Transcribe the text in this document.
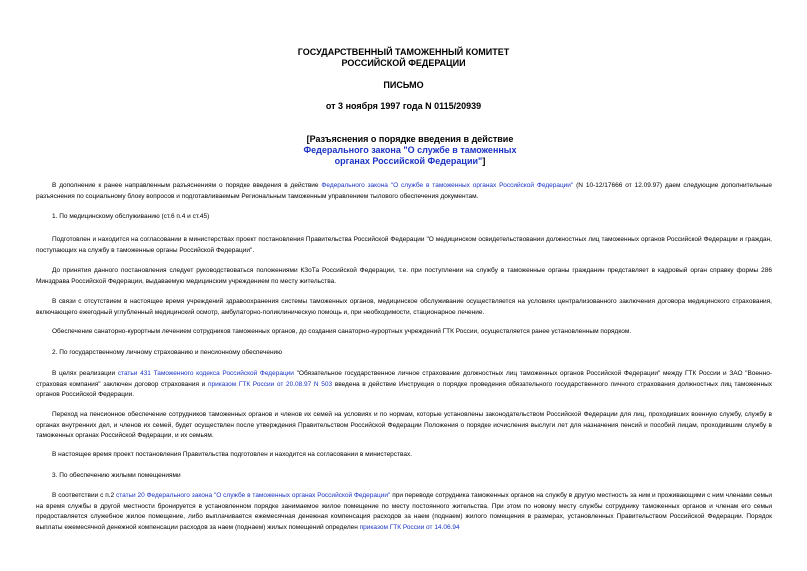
ГОСУДАРСТВЕННЫЙ ТАМОЖЕННЫЙ КОМИТЕТ
РОССИЙСКОЙ ФЕДЕРАЦИИ
ПИСЬМО
от 3 ноября 1997 года N 0115/20939
[Разъяснения о порядке введения в действие
Федерального закона "О службе в таможенных
органах Российской Федерации"]
В дополнение к ранее направленным разъяснениям о порядке введения в действие Федерального закона "О службе в таможенных органах Российской Федерации" (N 10-12/17666 от 12.09.97) даем следующие дополнительные разъяснения по социальному блоку вопросов и подготавливаемым Региональным таможенным управлением тылового обеспечения документам.
1. По медицинскому обслуживанию (ст.6 п.4 и ст.45)
Подготовлен и находится на согласовании в министерствах проект постановления Правительства Российской Федерации "О медицинском освидетельствовании должностных лиц таможенных органов Российской Федерации и граждан, поступающих на службу в таможенные органы Российской Федерации".
До принятия данного постановления следует руководствоваться положениями КЗоТа Российской Федерации, т.е. при поступлении на службу в таможенные органы гражданин представляет в кадровый орган справку формы 286 Минздрава Российской Федерации, выдаваемую медицинским учреждением по месту жительства.
В связи с отсутствием в настоящее время учреждений здравоохранения системы таможенных органов, медицинское обслуживание осуществляется на условиях централизованного заключения договора медицинского страхования, включающего ежегодный углубленный медицинский осмотр, амбулаторно-поликлиническую помощь и, при необходимости, стационарное лечение.
Обеспечение санаторно-курортным лечением сотрудников таможенных органов, до создания санаторно-курортных учреждений ГТК России, осуществляется ранее установленным порядком.
2. По государственному личному страхованию и пенсионному обеспечению
В целях реализации статьи 431 Таможенного кодекса Российской Федерации "Обязательное государственное личное страхование должностных лиц таможенных органов Российской Федерации" между ГТК России и ЗАО "Военно-страховая компания" заключен договор страхования и приказом ГТК России от 20.08.97 N 503 введена в действие Инструкция о порядке проведения обязательного государственного личного страхования должностных лиц таможенных органов Российской Федерации.
Переход на пенсионное обеспечение сотрудников таможенных органов и членов их семей на условиях и по нормам, которые установлены законодательством Российской Федерации для лиц, проходивших военную службу, службу в органах внутренних дел, и членов их семей, будет осуществлен после утверждения Правительством Российской Федерации Положения о порядке исчисления выслуги лет для назначения пенсий и пособий лицам, проходившим службу в таможенных органах Российской Федерации, и их семьям.
В настоящее время проект постановления Правительства подготовлен и находится на согласовании в министерствах.
3. По обеспечению жилыми помещениями
В соответствии с п.2 статьи 20 Федерального закона "О службе в таможенных органах Российской Федерации" при переводе сотрудника таможенных органов на службу в другую местность за ним и проживающими с ним членами семьи на время службы в другой местности бронируется в установленном порядке занимаемое жилое помещение по месту постоянного жительства. При этом по новому месту службы сотруднику таможенных органов и членам его семьи предоставляется служебное жилое помещение, либо выплачивается ежемесячная денежная компенсация расходов за наем (поднаем) жилого помещения в размерах, установленных Правительством Российской Федерации. Порядок выплаты ежемесячной денежной компенсации расходов за наем (поднаем) жилых помещений определен приказом ГТК России от 14.06.94
